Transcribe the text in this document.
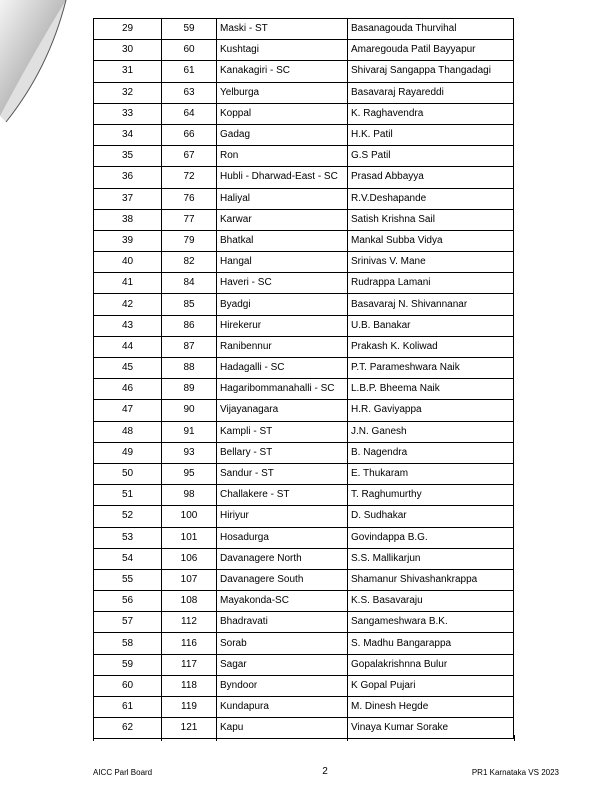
29	59	Maski - ST	Basanagouda Thurvihal
30	60	Kushtagi	Amaregouda Patil Bayyapur
31	61	Kanakagiri - SC	Shivaraj Sangappa Thangadagi
32	63	Yelburga	Basavaraj Rayareddi
33	64	Koppal	K. Raghavendra
34	66	Gadag	H.K. Patil
35	67	Ron	G.S Patil
36	72	Hubli - Dharwad-East - SC	Prasad Abbayya
37	76	Haliyal	R.V.Deshapande
38	77	Karwar	Satish Krishna Sail
39	79	Bhatkal	Mankal Subba Vidya
40	82	Hangal	Srinivas V. Mane
41	84	Haveri - SC	Rudrappa Lamani
42	85	Byadgi	Basavaraj N. Shivannanar
43	86	Hirekerur	U.B. Banakar
44	87	Ranibennur	Prakash K. Koliwad
45	88	Hadagalli - SC	P.T. Parameshwara Naik
46	89	Hagaribommanahalli - SC	L.B.P. Bheema Naik
47	90	Vijayanagara	H.R. Gaviyappa
48	91	Kampli - ST	J.N. Ganesh
49	93	Bellary - ST	B. Nagendra
50	95	Sandur - ST	E. Thukaram
51	98	Challakere - ST	T. Raghumurthy
52	100	Hiriyur	D. Sudhakar
53	101	Hosadurga	Govindappa B.G.
54	106	Davanagere North	S.S. Mallikarjun
55	107	Davanagere South	Shamanur Shivashankrappa
56	108	Mayakonda-SC	K.S. Basavaraju
57	112	Bhadravati	Sangameshwara B.K.
58	116	Sorab	S. Madhu Bangarappa
59	117	Sagar	Gopalakrishnna Bulur
60	118	Byndoor	K Gopal Pujari
61	119	Kundapura	M. Dinesh Hegde
62	121	Kapu	Vinaya Kumar Sorake
AICC Parl Board	2	PR1 Karnataka VS 2023
